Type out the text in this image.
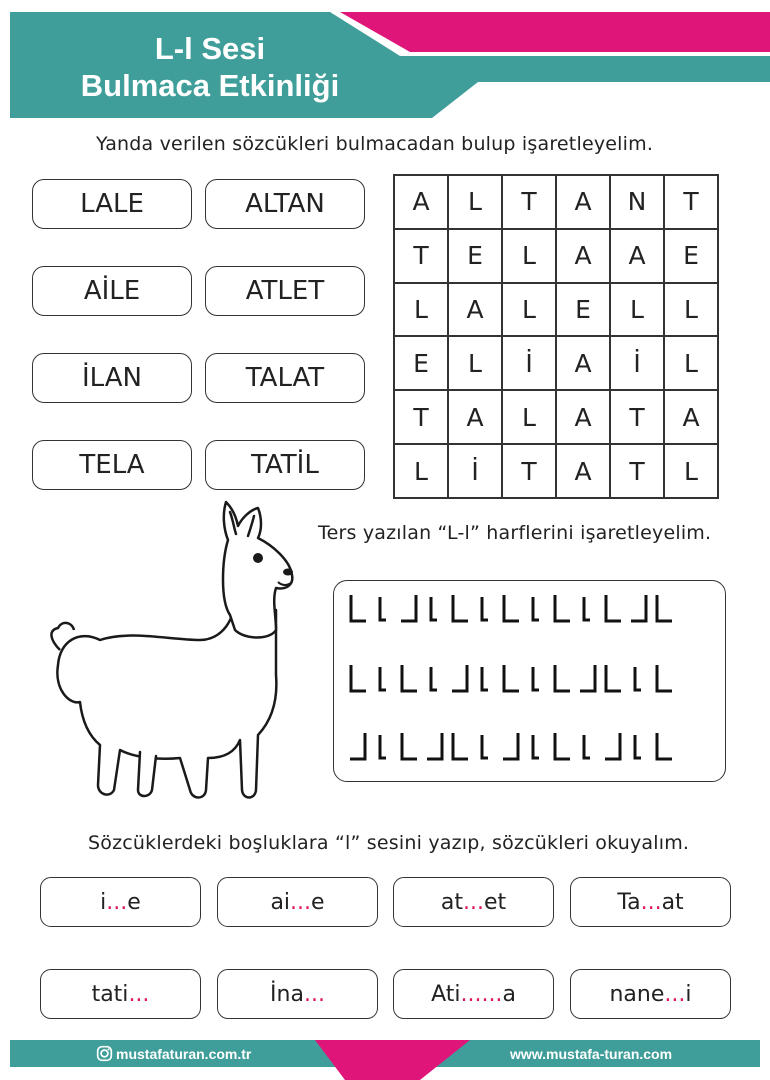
L-l Sesi
Bulmaca Etkinliği
Yanda verilen sözcükleri bulmacadan bulup işaretleyelim.
LALE	ALTAN
AİLE	ATLET
İLAN	TALAT
TELA	TATİL
A	L	T	A	N	T
T	E	L	A	A	E
L	A	L	E	L	L
E	L	İ	A	İ	L
T	A	L	A	T	A
L	İ	T	A	T	L
Ters yazılan “L-l” harflerini işaretleyelim.
Sözcüklerdeki boşluklara “l” sesini yazıp, sözcükleri okuyalım.
i ... e	ai ... e	at ... et	Ta ... at
tati ...	İna ...	Ati ...... a	nane ... i
mustafaturan.com.tr	www.mustafa-turan.com
